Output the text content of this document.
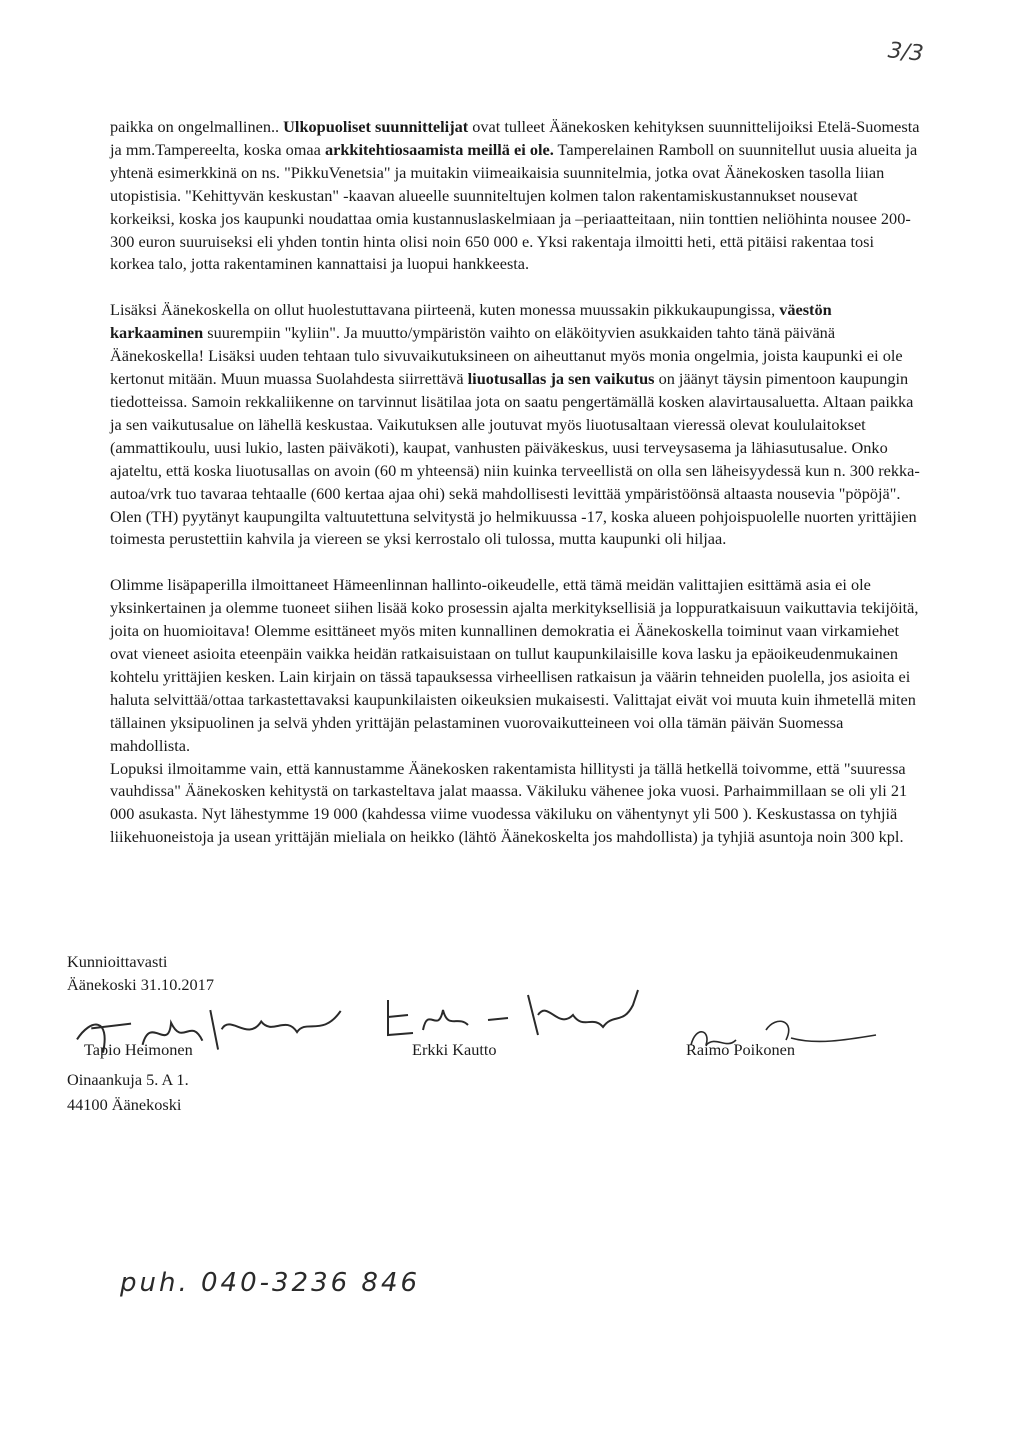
3/3

paikka on ongelmallinen.. Ulkopuoliset suunnittelijat ovat tulleet Äänekosken kehityksen suunnittelijoiksi Etelä-Suomesta ja mm.Tampereelta, koska omaa arkkitehtiosaamista meillä ei ole. Tamperelainen Ramboll on suunnitellut uusia alueita ja yhtenä esimerkkinä on ns. "PikkuVenetsia" ja muitakin viimeaikaisia suunnitelmia, jotka ovat Äänekosken tasolla liian utopistisia. "Kehittyvän keskustan" -kaavan alueelle suunniteltujen kolmen talon rakentamiskustannukset nousevat korkeiksi, koska jos kaupunki noudattaa omia kustannuslaskelmiaan ja –periaatteitaan, niin tonttien neliöhinta nousee 200-300 euron suuruiseksi eli yhden tontin hinta olisi noin 650 000 e. Yksi rakentaja ilmoitti heti, että pitäisi rakentaa tosi korkea talo, jotta rakentaminen kannattaisi ja luopui hankkeesta.

Lisäksi Äänekoskella on ollut huolestuttavana piirteenä, kuten monessa muussakin pikkukaupungissa, väestön karkaaminen suurempiin "kyliin". Ja muutto/ympäristön vaihto on eläköityvien asukkaiden tahto tänä päivänä Äänekoskella! Lisäksi uuden tehtaan tulo sivuvaikutuksineen on aiheuttanut myös monia ongelmia, joista kaupunki ei ole kertonut mitään. Muun muassa Suolahdesta siirrettävä liuotusallas ja sen vaikutus on jäänyt täysin pimentoon kaupungin tiedotteissa. Samoin rekkaliikenne on tarvinnut lisätilaa jota on saatu pengertämällä kosken alavirtausaluetta. Altaan paikka ja sen vaikutusalue on lähellä keskustaa. Vaikutuksen alle joutuvat myös liuotusaltaan vieressä olevat koululaitokset (ammattikoulu, uusi lukio, lasten päiväkoti), kaupat, vanhusten päiväkeskus, uusi terveysasema ja lähiasutusalue. Onko ajateltu, että koska liuotusallas on avoin (60 m yhteensä) niin kuinka terveellistä on olla sen läheisyydessä kun n. 300 rekka-autoa/vrk tuo tavaraa tehtaalle (600 kertaa ajaa ohi) sekä mahdollisesti levittää ympäristöönsä altaasta nousevia "pöpöjä". Olen (TH) pyytänyt kaupungilta valtuutettuna selvitystä jo helmikuussa -17, koska alueen pohjoispuolelle nuorten yrittäjien toimesta perustettiin kahvila ja viereen se yksi kerrostalo oli tulossa, mutta kaupunki oli hiljaa.

Olimme lisäpaperilla ilmoittaneet Hämeenlinnan hallinto-oikeudelle, että tämä meidän valittajien esittämä asia ei ole yksinkertainen ja olemme tuoneet siihen lisää koko prosessin ajalta merkityksellisiä ja loppuratkaisuun vaikuttavia tekijöitä, joita on huomioitava! Olemme esittäneet myös miten kunnallinen demokratia ei Äänekoskella toiminut vaan virkamiehet ovat vieneet asioita eteenpäin vaikka heidän ratkaisuistaan on tullut kaupunkilaisille kova lasku ja epäoikeudenmukainen kohtelu yrittäjien kesken. Lain kirjain on tässä tapauksessa virheellisen ratkaisun ja väärin tehneiden puolella, jos asioita ei haluta selvittää/ottaa tarkastettavaksi kaupunkilaisten oikeuksien mukaisesti. Valittajat eivät voi muuta kuin ihmetellä miten tällainen yksipuolinen ja selvä yhden yrittäjän pelastaminen vuorovaikutteineen voi olla tämän päivän Suomessa mahdollista.

Lopuksi ilmoitamme vain, että kannustamme Äänekosken rakentamista hillitysti ja tällä hetkellä toivomme, että "suuressa vauhdissa" Äänekosken kehitystä on tarkasteltava jalat maassa. Väkiluku vähenee joka vuosi. Parhaimmillaan se oli yli 21 000 asukasta. Nyt lähestymme 19 000 (kahdessa viime vuodessa väkiluku on vähentynyt yli 500 ). Keskustassa on tyhjiä liikehuoneistoja ja usean yrittäjän mieliala on heikko (lähtö Äänekoskelta jos mahdollista) ja tyhjiä asuntoja noin 300 kpl.

Kunnioittavasti
Äänekoski 31.10.2017
Tapio Heimonen	Erkki Kautto	Raimo Poikonen
Oinaankuja 5. A 1.
44100 Äänekoski
puh. 040-3236 846
